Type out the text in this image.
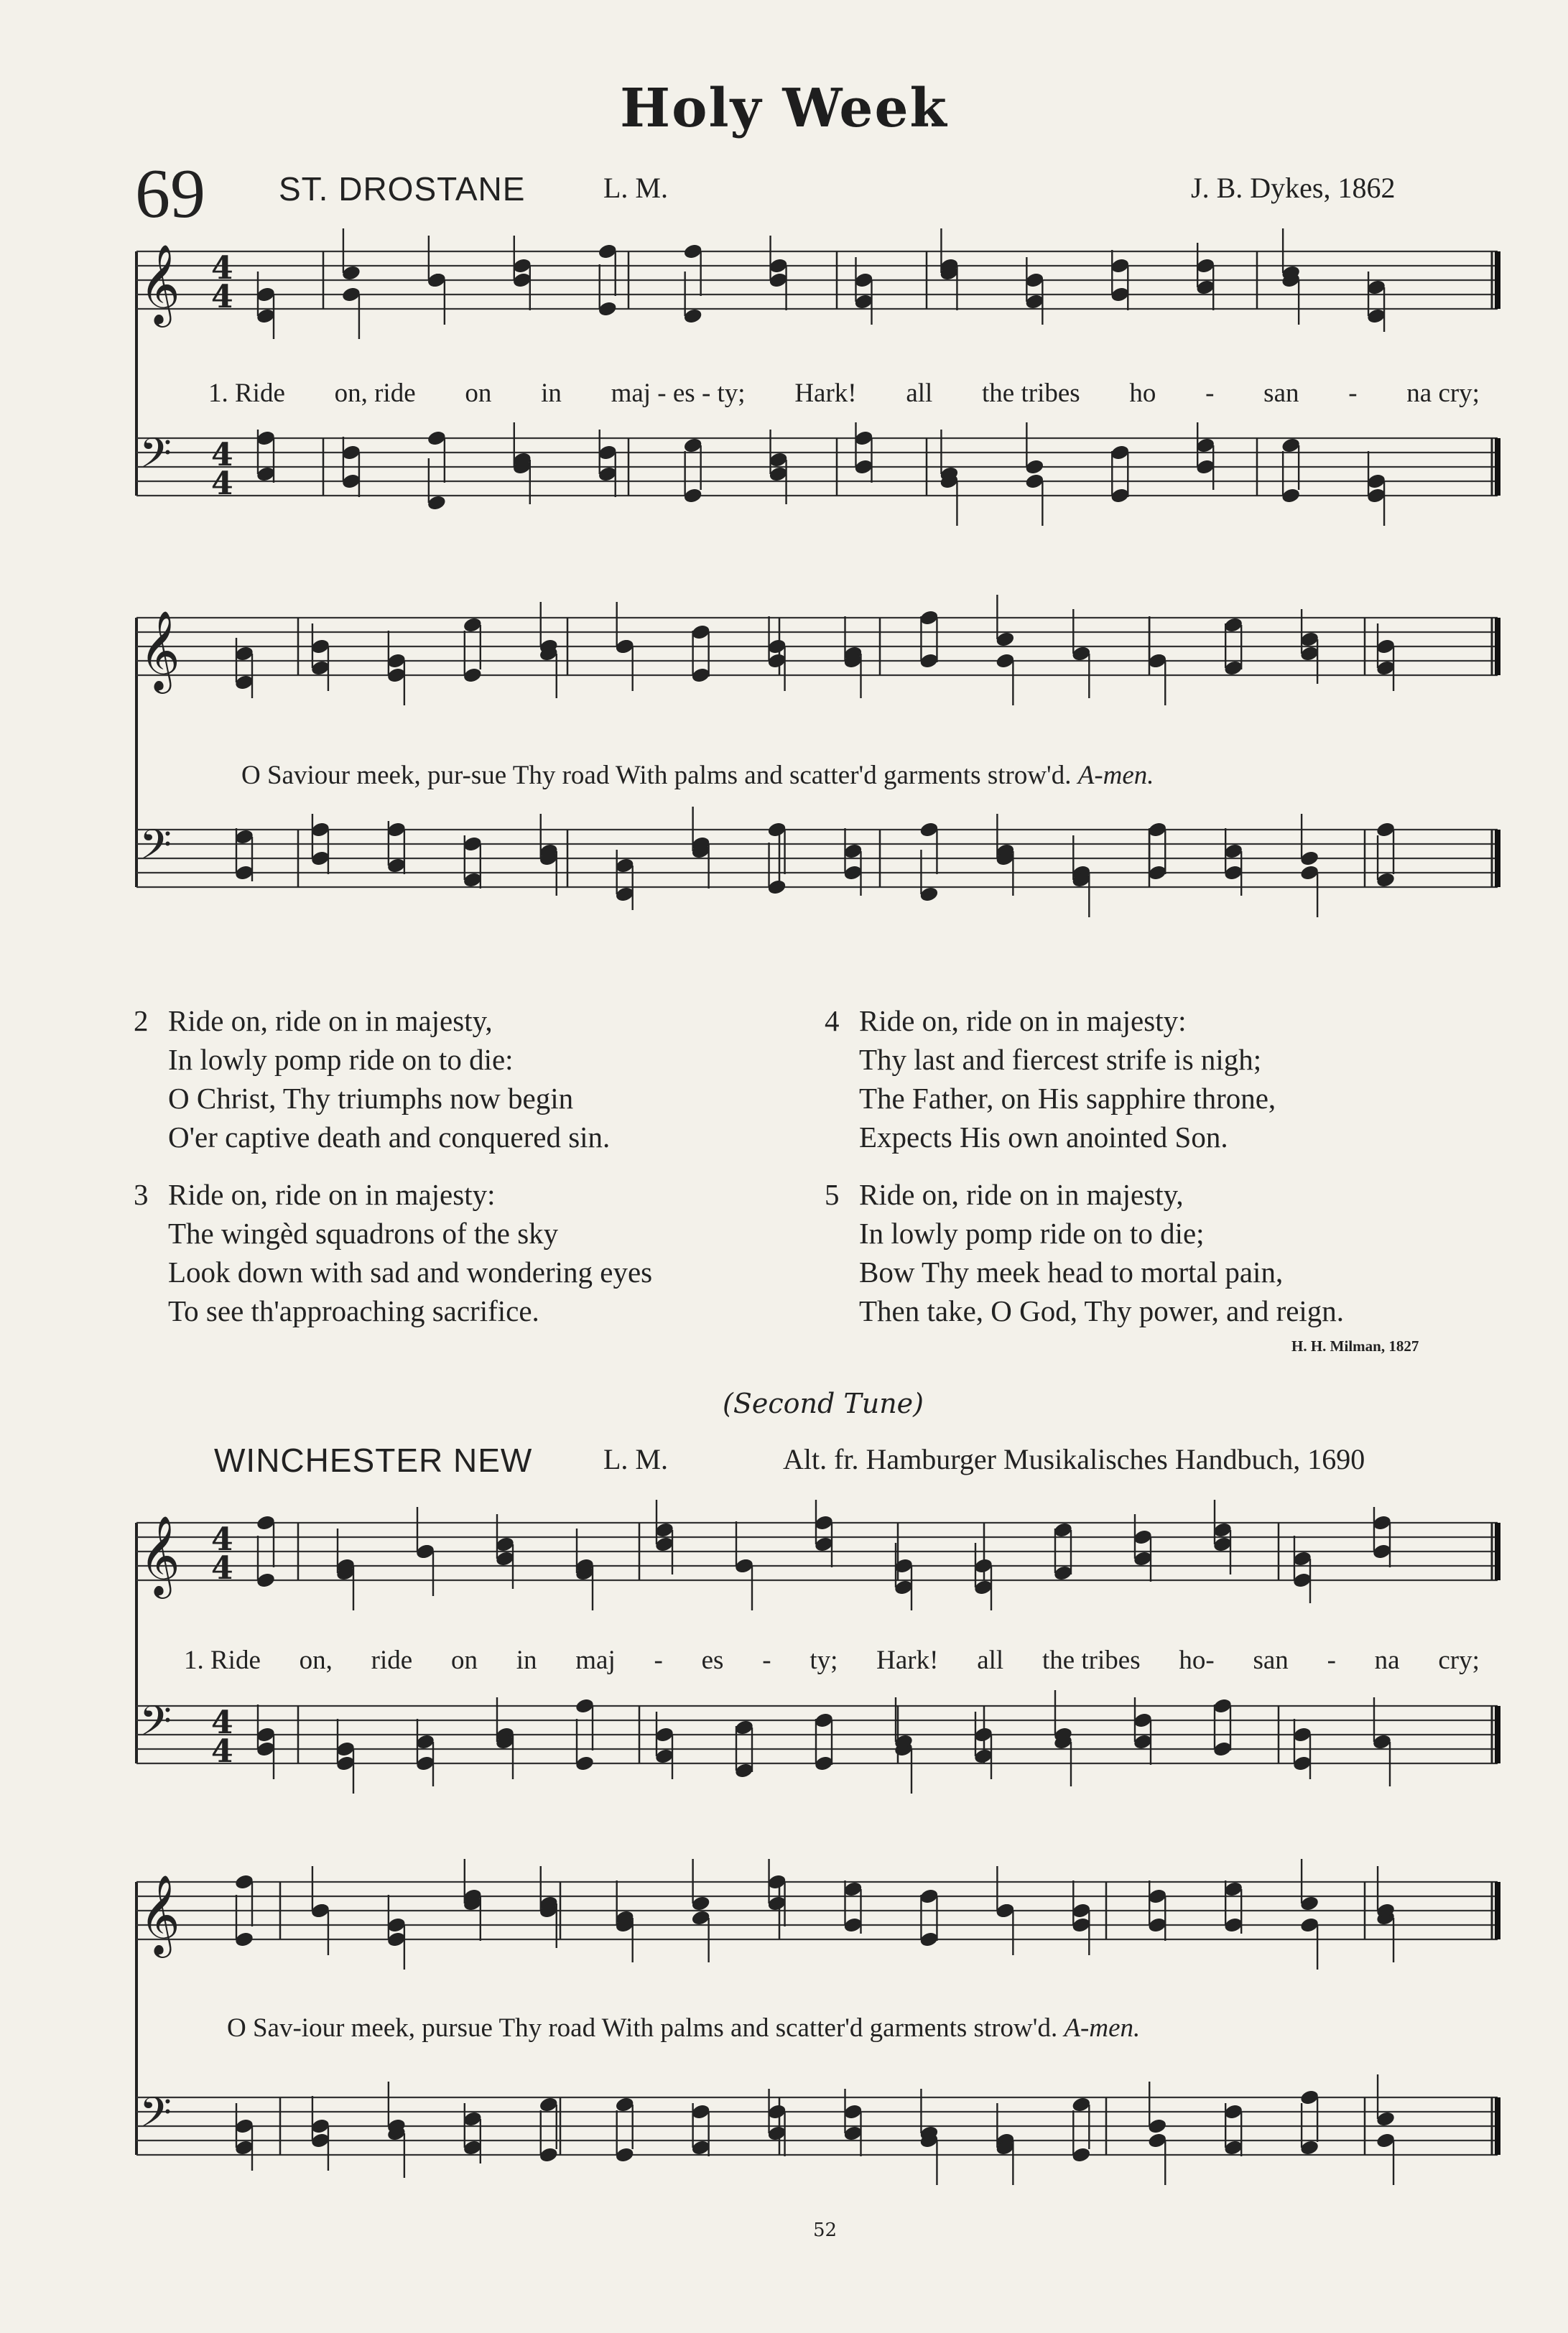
Holy Week
69 ST. DROSTANE	L. M.	J. B. Dykes, 1862
𝄞
𝄢
4
4
4
4
1. Ride on, ride on in maj - es - ty; Hark! all the tribes ho - san - na cry;
𝄞
𝄢
O Saviour meek, pur-sue Thy road With palms and scatter'd garments strow'd. A-men.
2 Ride on, ride on in majesty,
In lowly pomp ride on to die:
O Christ, Thy triumphs now begin
O'er captive death and conquered sin.
3 Ride on, ride on in majesty:
The wingèd squadrons of the sky
Look down with sad and wondering eyes
To see th'approaching sacrifice.
4 Ride on, ride on in majesty:
Thy last and fiercest strife is nigh;
The Father, on His sapphire throne,
Expects His own anointed Son.
5 Ride on, ride on in majesty,
In lowly pomp ride on to die;
Bow Thy meek head to mortal pain,
Then take, O God, Thy power, and reign.
H. H. Milman, 1827
(Second Tune)
WINCHESTER NEW L. M.	Alt. fr. Hamburger Musikalisches Handbuch, 1690
𝄞
𝄢
4
4
4
4
1. Ride on, ride on in maj - es - ty; Hark! all the tribes ho- san - na cry;
𝄞
𝄢
O Sav-iour meek, pursue Thy road With palms and scatter'd garments strow'd. A-men.
52
